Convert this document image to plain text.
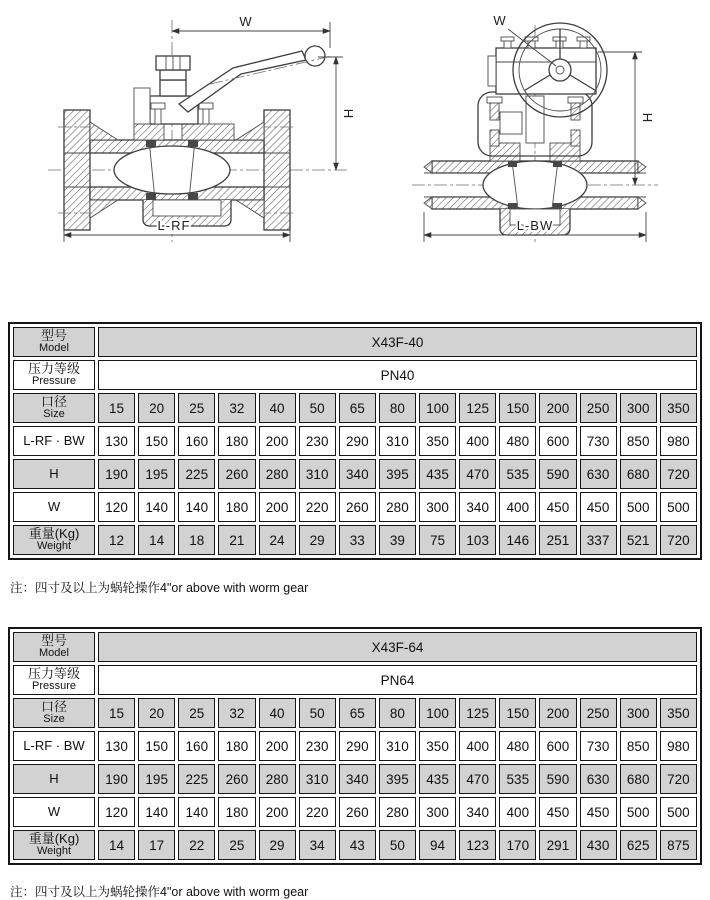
W
H
L-RF
W
H
L-BW
型号
Model	X43F-40														

压力等级
Pressure	PN40														

口径
Size	15	20	25	32	40	50	65	80	100	125	150	200	250	300	350

L-RF · BW	130	150	160	180	200	230	290	310	350	400	480	600	730	850	980

H	190	195	225	260	280	310	340	395	435	470	535	590	630	680	720

W	120	140	140	180	200	220	260	280	300	340	400	450	450	500	500

重量(Kg)
Weight	12	14	18	21	24	29	33	39	75	103	146	251	337	521	720
注：四寸及以上为蜗轮操作4"or above with worm gear
型号
Model	X43F-64														

压力等级
Pressure	PN64														

口径
Size	15	20	25	32	40	50	65	80	100	125	150	200	250	300	350

L-RF · BW	130	150	160	180	200	230	290	310	350	400	480	600	730	850	980

H	190	195	225	260	280	310	340	395	435	470	535	590	630	680	720

W	120	140	140	180	200	220	260	280	300	340	400	450	450	500	500

重量(Kg)
Weight	14	17	22	25	29	34	43	50	94	123	170	291	430	625	875
注：四寸及以上为蜗轮操作4"or above with worm gear
